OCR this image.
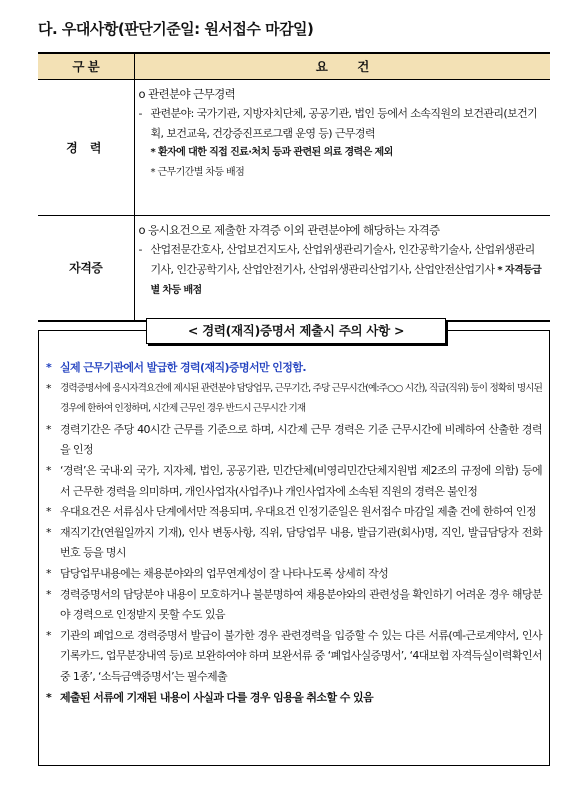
다. 우대사항(판단기준일: 원서접수 마감일)
구 분	요        건
경 력	o 관련분야 근무경력
- 관련분야: 국가기관, 지방자치단체, 공공기관, 법인 등에서 소속직원의 보건관리(보건기획, 보건교육, 건강증진프로그램 운영 등) 근무경력
* 환자에 대한 직접 진료·처치 등과 관련된 의료 경력은 제외
* 근무기간별 차등 배점

자격증	o 응시요건으로 제출한 자격증 이외 관련분야에 해당하는 자격증
- 산업전문간호사, 산업보건지도사, 산업위생관리기술사, 인간공학기술사, 산업위생관리기사, 인간공학기사, 산업안전기사, 산업위생관리산업기사, 산업안전산업기사 * 자격등급별 차등 배점
< 경력(재직)증명서 제출시 주의 사항 >
* 실제 근무기관에서 발급한 경력(재직)증명서만 인정함.
* 경력증명서에 응시자격요건에 제시된 관련분야 담당업무, 근무기간, 주당 근무시간(예:주○○ 시간), 직급(직위) 등이 정확히 명시된 경우에 한하여 인정하며, 시간제 근무인 경우 반드시 근무시간 기재
* 경력기간은 주당 40시간 근무를 기준으로 하며, 시간제 근무 경력은 기준 근무시간에 비례하여 산출한 경력을 인정
* ‘경력’은 국내·외 국가, 지자체, 법인, 공공기관, 민간단체(비영리민간단체지원법 제2조의 규정에 의함) 등에서 근무한 경력을 의미하며, 개인사업자(사업주)나 개인사업자에 소속된 직원의 경력은 불인정
* 우대요건은 서류심사 단계에서만 적용되며, 우대요건 인정기준일은 원서접수 마감일 제출 건에 한하여 인정
* 재직기간(연월일까지 기재), 인사 변동사항, 직위, 담당업무 내용, 발급기관(회사)명, 직인, 발급담당자 전화번호 등을 명시
* 담당업무내용에는 채용분야와의 업무연계성이 잘 나타나도록 상세히 작성
* 경력증명서의 담당분야 내용이 모호하거나 불분명하여 채용분야와의 관련성을 확인하기 어려운 경우 해당분야 경력으로 인정받지 못할 수도 있음
* 기관의 폐업으로 경력증명서 발급이 불가한 경우 관련경력을 입증할 수 있는 다른 서류(예-근로계약서, 인사기록카드, 업무분장내역 등)로 보완하여야 하며 보완서류 중 ‘폐업사실증명서’, ‘4대보험 자격득실이력확인서 중 1종’, ‘소득금액증명서’는 필수제출
* 제출된 서류에 기재된 내용이 사실과 다를 경우 임용을 취소할 수 있음
